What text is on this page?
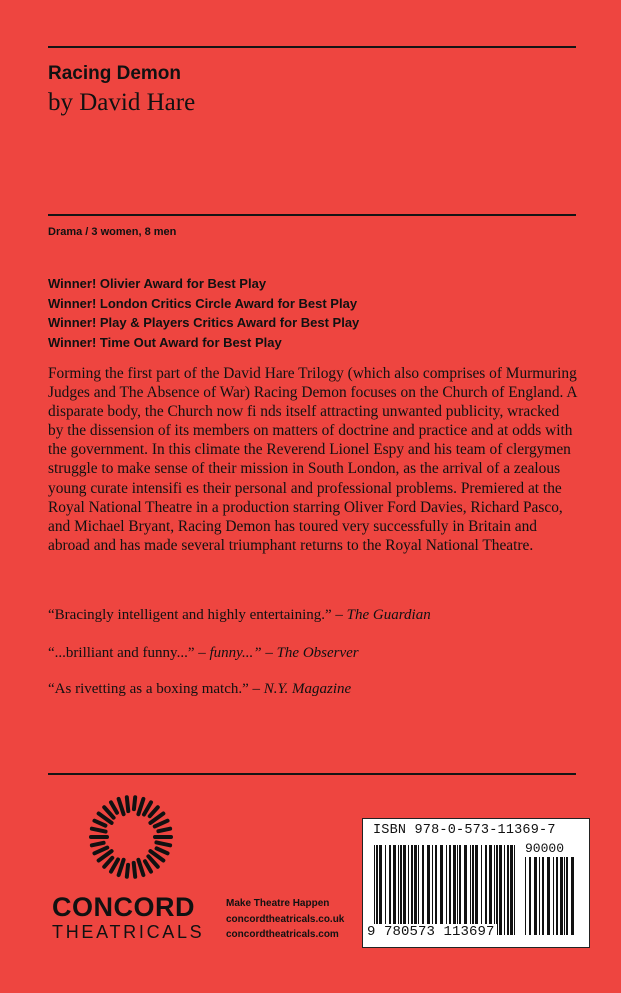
Racing Demon
by David Hare
Drama / 3 women, 8 men
Winner! Olivier Award for Best Play
Winner! London Critics Circle Award for Best Play
Winner! Play & Players Critics Award for Best Play
Winner! Time Out Award for Best Play
Forming the first part of the David Hare Trilogy (which also comprises of Murmuring Judges and The Absence of War) Racing Demon focuses on the Church of England. A disparate body, the Church now fi nds itself attracting unwanted publicity, wracked by the dissension of its members on matters of doctrine and practice and at odds with the government. In this climate the Reverend Lionel Espy and his team of clergymen struggle to make sense of their mission in South London, as the arrival of a zealous young curate intensifi es their personal and professional problems. Premiered at the Royal National Theatre in a production starring Oliver Ford Davies, Richard Pasco, and Michael Bryant, Racing Demon has toured very successfully in Britain and abroad and has made several triumphant returns to the Royal National Theatre.
“Bracingly intelligent and highly entertaining.” – The Guardian
“...brilliant and funny...” – funny...” – The Observer
“As rivetting as a boxing match.” – N.Y. Magazine
CONCORD
THEATRICALS
Make Theatre Happen
concordtheatricals.co.uk
concordtheatricals.com
ISBN 978-0-573-11369-7
90000
9 780573 113697
